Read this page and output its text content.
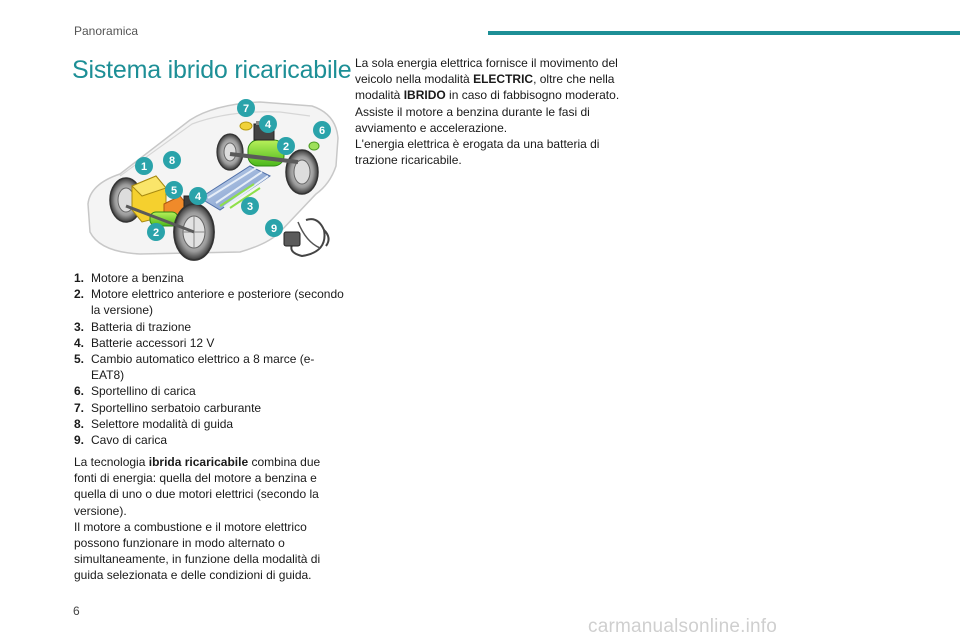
Panoramica
Sistema ibrido ricaricabile
1
2
3
4
5
6
7
8
9
2
4
1. Motore a benzina
2. Motore elettrico anteriore e posteriore (secondo la versione)
3. Batteria di trazione
4. Batterie accessori 12 V
5. Cambio automatico elettrico a 8 marce (e-EAT8)
6. Sportellino di carica
7. Sportellino serbatoio carburante
8. Selettore modalità di guida
9. Cavo di carica

La tecnologia ibrida ricaricabile combina due fonti di energia: quella del motore a benzina e quella di uno o due motori elettrici (secondo la versione).
Il motore a combustione e il motore elettrico possono funzionare in modo alternato o simultaneamente, in funzione della modalità di guida selezionata e delle condizioni di guida.

La sola energia elettrica fornisce il movimento del veicolo nella modalità ELECTRIC, oltre che nella modalità IBRIDO in caso di fabbisogno moderato. Assiste il motore a benzina durante le fasi di avviamento e accelerazione.
L'energia elettrica è erogata da una batteria di trazione ricaricabile.

6
carmanualsonline.info
